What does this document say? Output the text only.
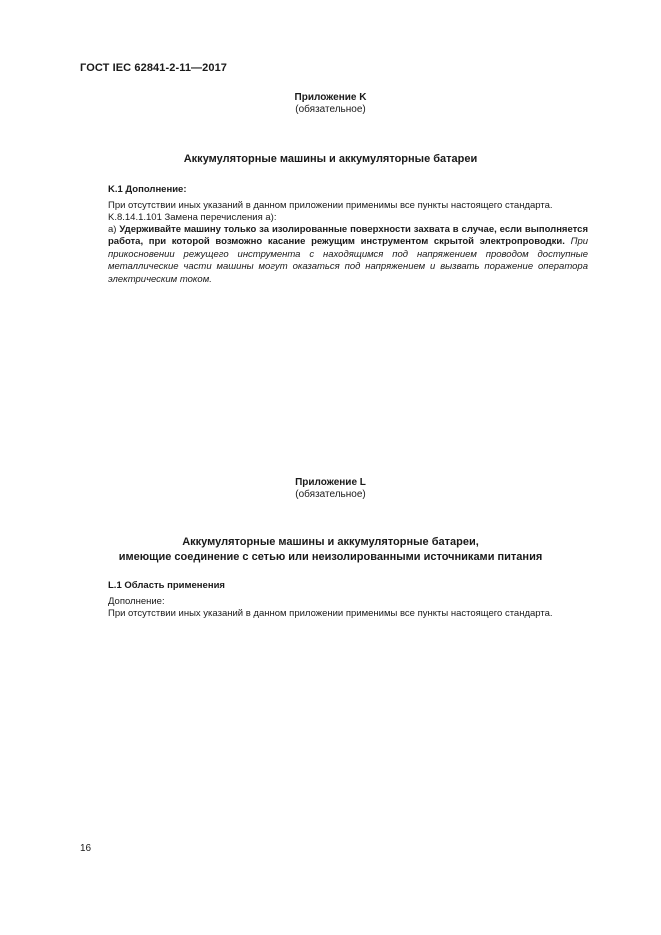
ГОСТ IEC 62841-2-11—2017
Приложение K
(обязательное)
Аккумуляторные машины и аккумуляторные батареи
K.1 Дополнение:
При отсутствии иных указаний в данном приложении применимы все пункты настоящего стандарта.
K.8.14.1.101 Замена перечисления а):
а) Удерживайте машину только за изолированные поверхности захвата в случае, если выполняется работа, при которой возможно касание режущим инструментом скрытой электропроводки. При прикосновении режущего инструмента с находящимся под напряжением проводом доступные металлические части машины могут оказаться под напряжением и вызвать поражение оператора электрическим током.
Приложение L
(обязательное)
Аккумуляторные машины и аккумуляторные батареи,
имеющие соединение с сетью или неизолированными источниками питания
L.1 Область применения
Дополнение:
При отсутствии иных указаний в данном приложении применимы все пункты настоящего стандарта.
16
